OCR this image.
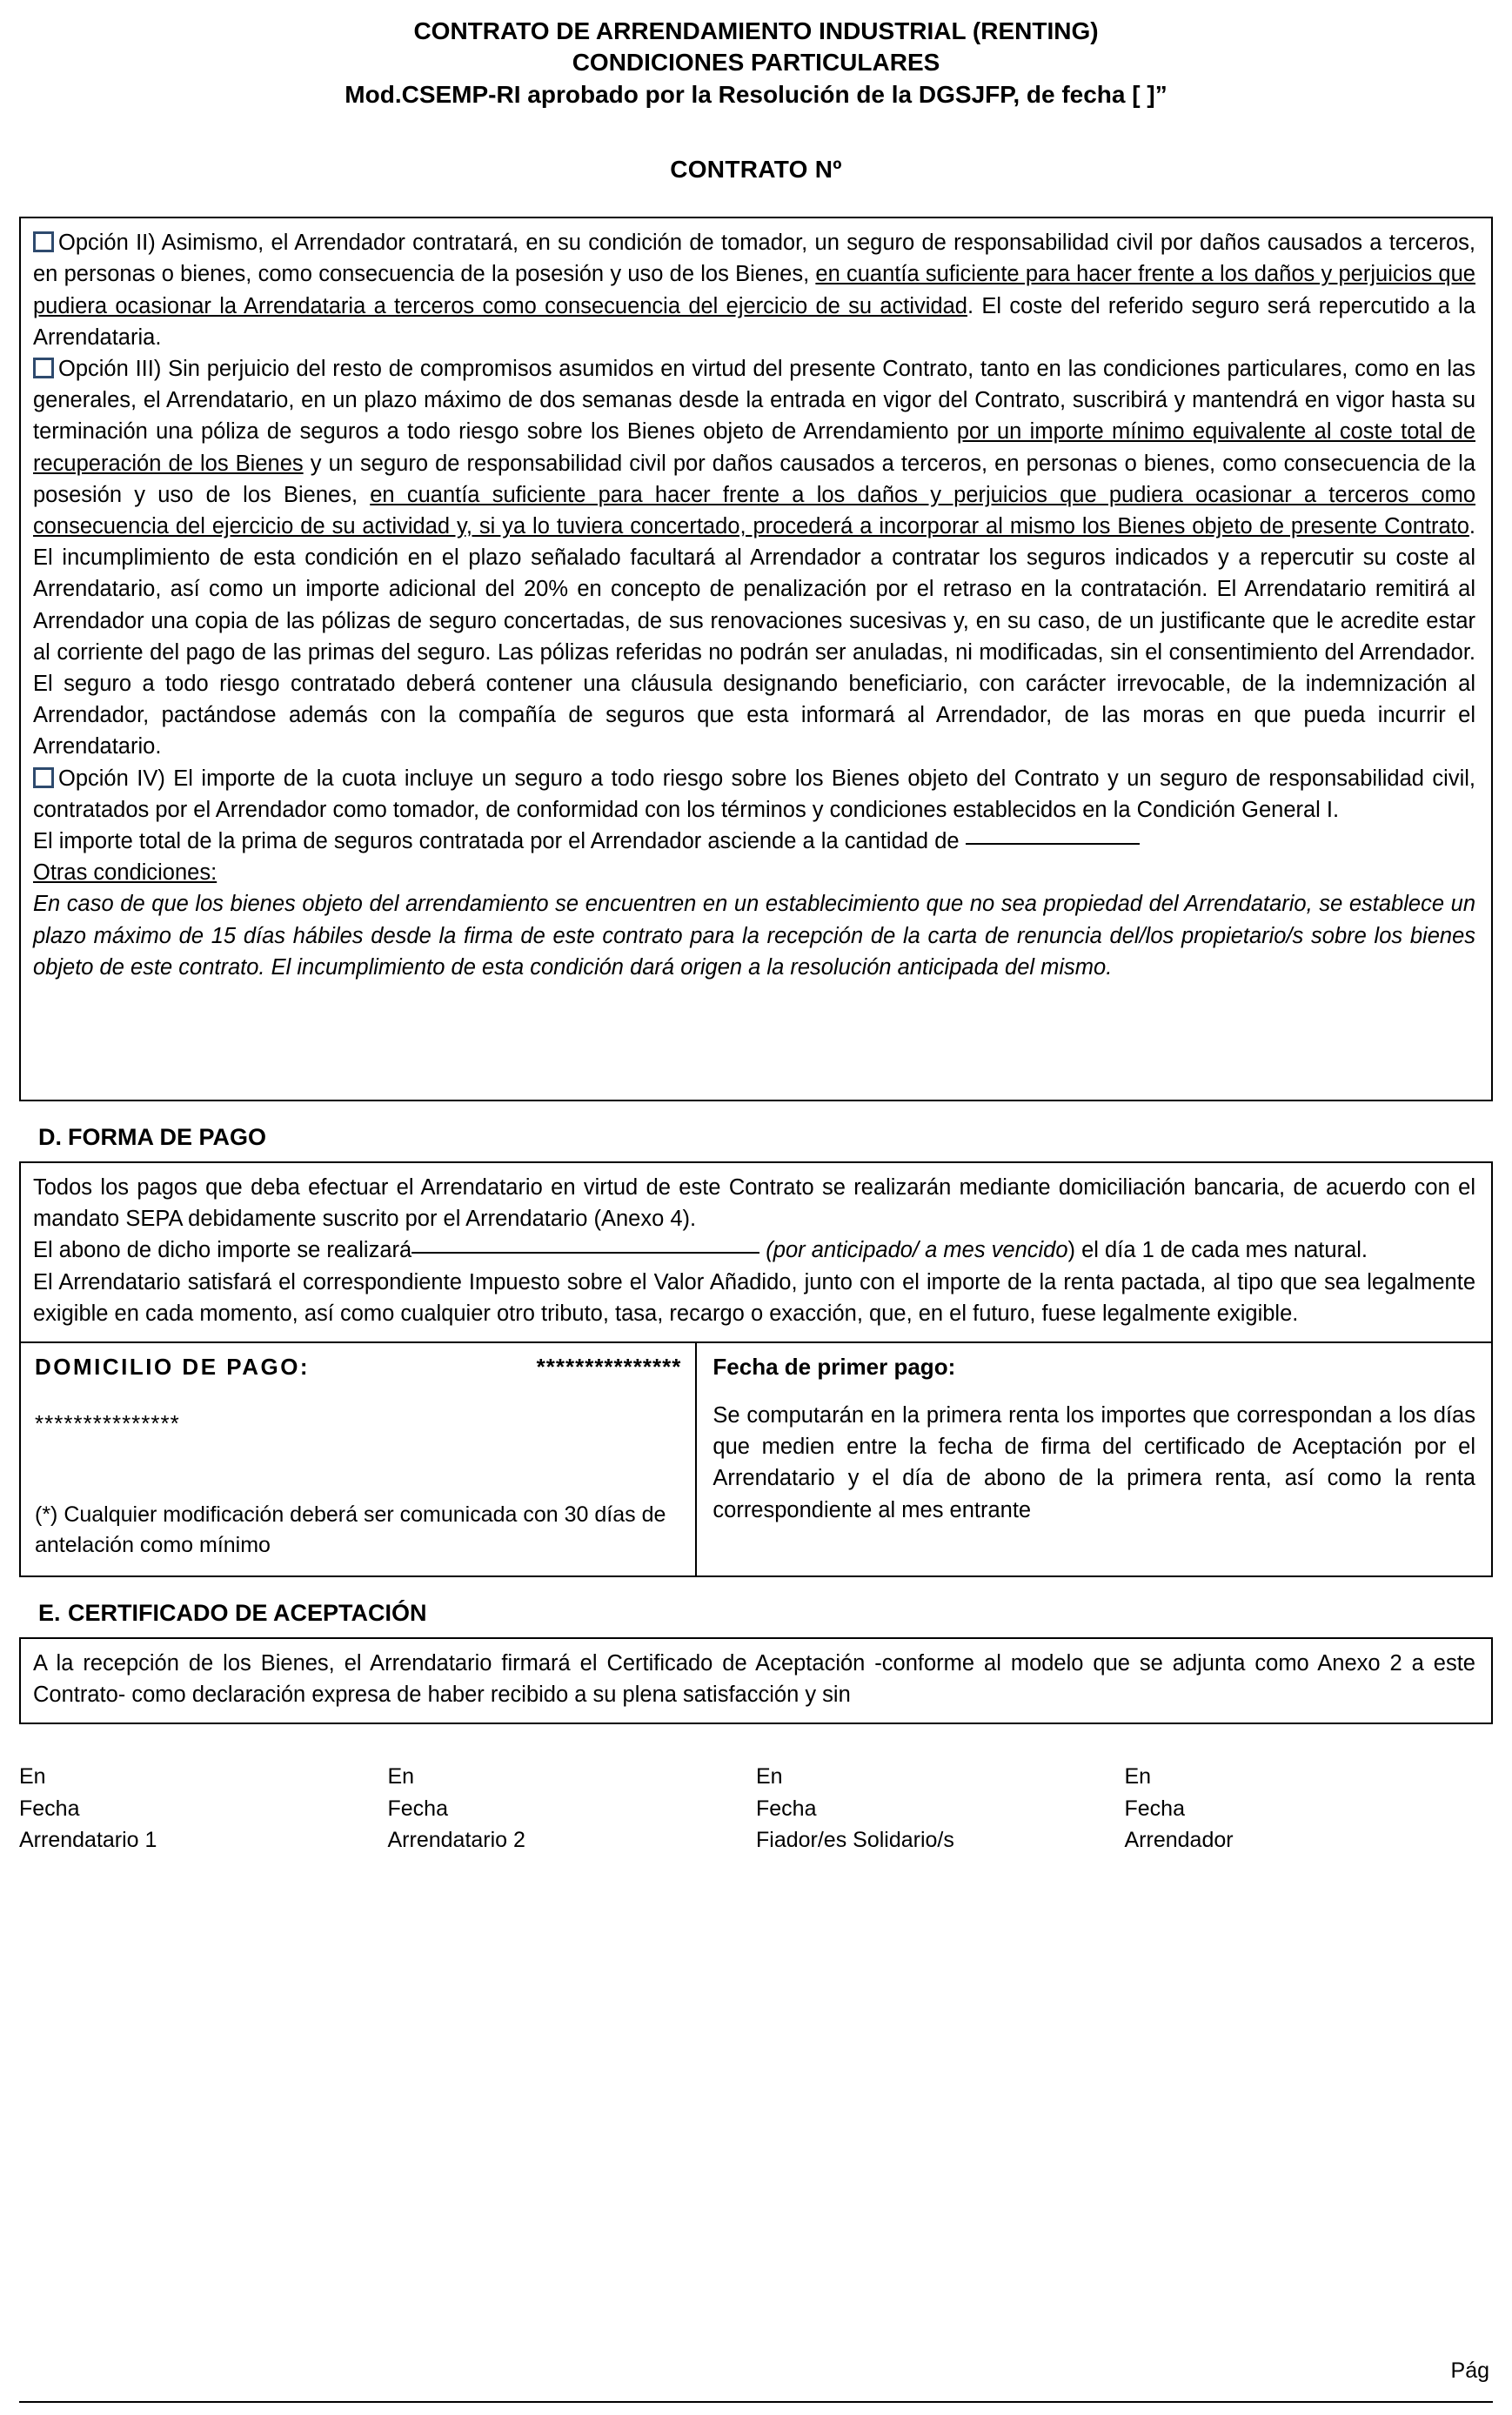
CONTRATO DE ARRENDAMIENTO INDUSTRIAL (RENTING)
CONDICIONES PARTICULARES
Mod.CSEMP-RI aprobado por la Resolución de la DGSJFP, de fecha [ ]”
CONTRATO Nº

Opción II) Asimismo, el Arrendador contratará, en su condición de tomador, un seguro de responsabilidad civil por daños causados a terceros, en personas o bienes, como consecuencia de la posesión y uso de los Bienes, en cuantía suficiente para hacer frente a los daños y perjuicios que pudiera ocasionar la Arrendataria a terceros como consecuencia del ejercicio de su actividad. El coste del referido seguro será repercutido a la Arrendataria.

Opción III) Sin perjuicio del resto de compromisos asumidos en virtud del presente Contrato, tanto en las condiciones particulares, como en las generales, el Arrendatario, en un plazo máximo de dos semanas desde la entrada en vigor del Contrato, suscribirá y mantendrá en vigor hasta su terminación una póliza de seguros a todo riesgo sobre los Bienes objeto de Arrendamiento por un importe mínimo equivalente al coste total de recuperación de los Bienes y un seguro de responsabilidad civil por daños causados a terceros, en personas o bienes, como consecuencia de la posesión y uso de los Bienes, en cuantía suficiente para hacer frente a los daños y perjuicios que pudiera ocasionar a terceros como consecuencia del ejercicio de su actividad y, si ya lo tuviera concertado, procederá a incorporar al mismo los Bienes objeto de presente Contrato. El incumplimiento de esta condición en el plazo señalado facultará al Arrendador a contratar los seguros indicados y a repercutir su coste al Arrendatario, así como un importe adicional del 20% en concepto de penalización por el retraso en la contratación. El Arrendatario remitirá al Arrendador una copia de las pólizas de seguro concertadas, de sus renovaciones sucesivas y, en su caso, de un justificante que le acredite estar al corriente del pago de las primas del seguro. Las pólizas referidas no podrán ser anuladas, ni modificadas, sin el consentimiento del Arrendador. El seguro a todo riesgo contratado deberá contener una cláusula designando beneficiario, con carácter irrevocable, de la indemnización al Arrendador, pactándose además con la compañía de seguros que esta informará al Arrendador, de las moras en que pueda incurrir el Arrendatario.

Opción IV) El importe de la cuota incluye un seguro a todo riesgo sobre los Bienes objeto del Contrato y un seguro de responsabilidad civil, contratados por el Arrendador como tomador, de conformidad con los términos y condiciones establecidos en la Condición General I.

El importe total de la prima de seguros contratada por el Arrendador asciende a la cantidad de

Otras condiciones:

En caso de que los bienes objeto del arrendamiento se encuentren en un establecimiento que no sea propiedad del Arrendatario, se establece un plazo máximo de 15 días hábiles desde la firma de este contrato para la recepción de la carta de renuncia del/los propietario/s sobre los bienes objeto de este contrato. El incumplimiento de esta condición dará origen a la resolución anticipada del mismo.

D. FORMA DE PAGO

Todos los pagos que deba efectuar el Arrendatario en virtud de este Contrato se realizarán mediante domiciliación bancaria, de acuerdo con el mandato SEPA debidamente suscrito por el Arrendatario (Anexo 4).

El abono de dicho importe se realizará	(por anticipado/ a mes vencido) el día 1 de cada mes natural.

El Arrendatario satisfará el correspondiente Impuesto sobre el Valor Añadido, junto con el importe de la renta pactada, al tipo que sea legalmente exigible en cada momento, así como cualquier otro tributo, tasa, recargo o exacción, que, en el futuro, fuese legalmente exigible.

DOMICILIO DE PAGO:	***************
***************
(*) Cualquier modificación deberá ser comunicada con 30 días de antelación como mínimo
Fecha de primer pago:

Se computarán en la primera renta los importes que correspondan a los días que medien entre la fecha de firma del certificado de Aceptación por el Arrendatario y el día de abono de la primera renta, así como la renta correspondiente al mes entrante

E. CERTIFICADO DE ACEPTACIÓN

A la recepción de los Bienes, el Arrendatario firmará el Certificado de Aceptación -conforme al modelo que se adjunta como Anexo 2 a este Contrato- como declaración expresa de haber recibido a su plena satisfacción y sin

En
Fecha
Arrendatario 1
En
Fecha
Arrendatario 2
En
Fecha
Fiador/es Solidario/s
En
Fecha
Arrendador
Pág
